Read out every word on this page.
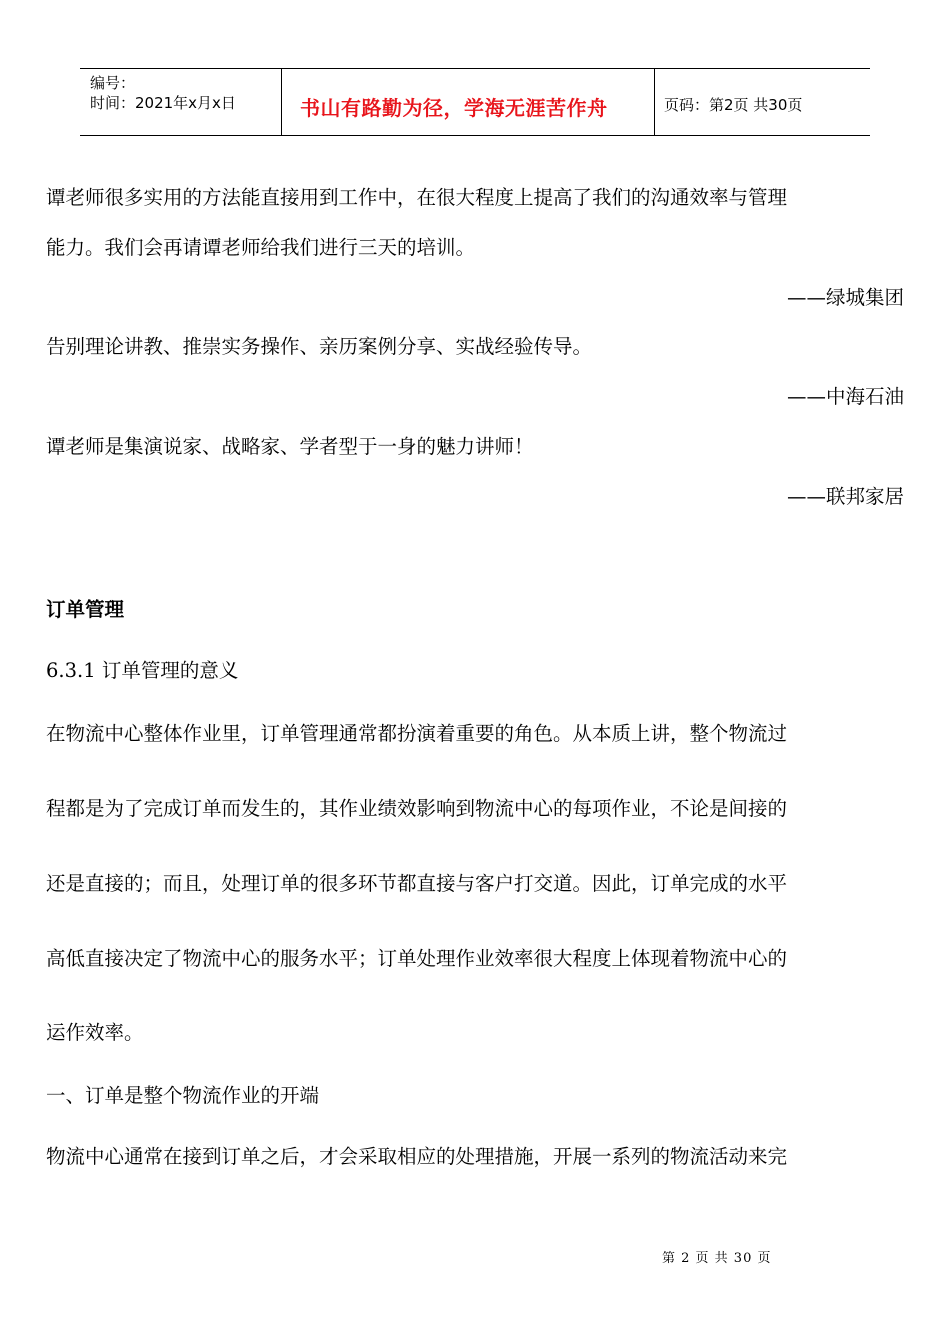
编号：
时间：2021年x月x日	书山有路勤为径，学海无涯苦作舟	页码：第2页 共30页
谭老师很多实用的方法能直接用到工作中，在很大程度上提高了我们的沟通效率与管理
能力。我们会再请谭老师给我们进行三天的培训。
——绿城集团
告别理论讲教、推崇实务操作、亲历案例分享、实战经验传导。
——中海石油
谭老师是集演说家、战略家、学者型于一身的魅力讲师！
——联邦家居
订单管理
6.3.1 订单管理的意义
在物流中心整体作业里，订单管理通常都扮演着重要的角色。从本质上讲，整个物流过
程都是为了完成订单而发生的，其作业绩效影响到物流中心的每项作业，不论是间接的
还是直接的；而且，处理订单的很多环节都直接与客户打交道。因此，订单完成的水平
高低直接决定了物流中心的服务水平；订单处理作业效率很大程度上体现着物流中心的
运作效率。
一、订单是整个物流作业的开端
物流中心通常在接到订单之后，才会采取相应的处理措施，开展一系列的物流活动来完
第 2 页 共 30 页
